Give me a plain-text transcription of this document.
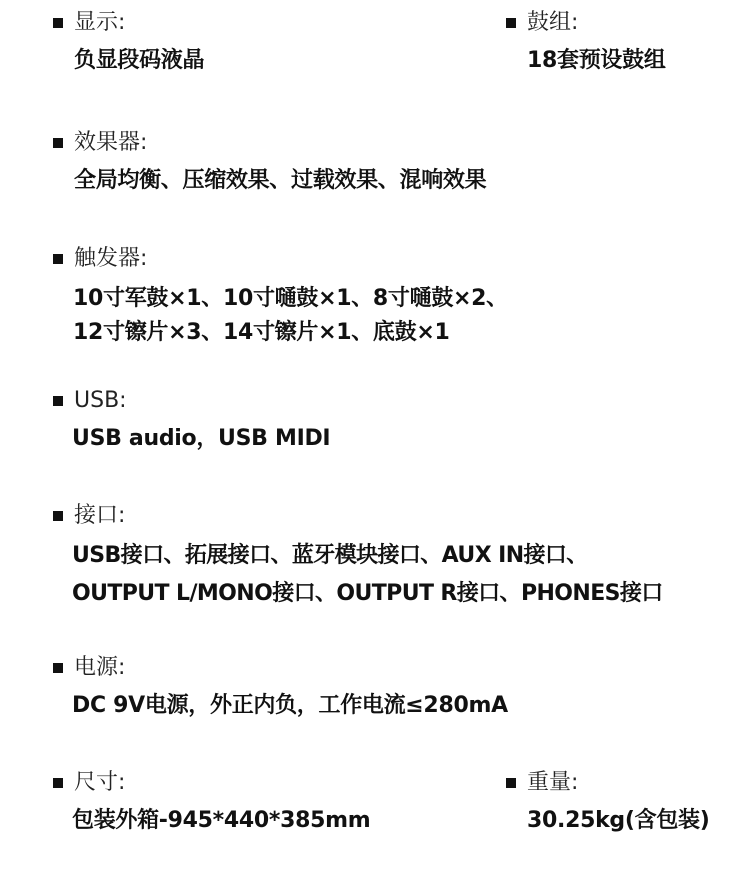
显示:
负显段码液晶
鼓组:
18套预设鼓组
效果器:
全局均衡、压缩效果、过载效果、混响效果
触发器:
10寸军鼓×1、10寸嗵鼓×1、8寸嗵鼓×2、
12寸镲片×3、14寸镲片×1、底鼓×1
USB:
USB audio，USB MIDI
接口:
USB接口、拓展接口、蓝牙模块接口、AUX IN接口、
OUTPUT L/MONO接口、OUTPUT R接口、PHONES接口
电源:
DC 9V电源，外正内负，工作电流≤280mA
尺寸:
包装外箱-945*440*385mm
重量:
30.25kg(含包装)
